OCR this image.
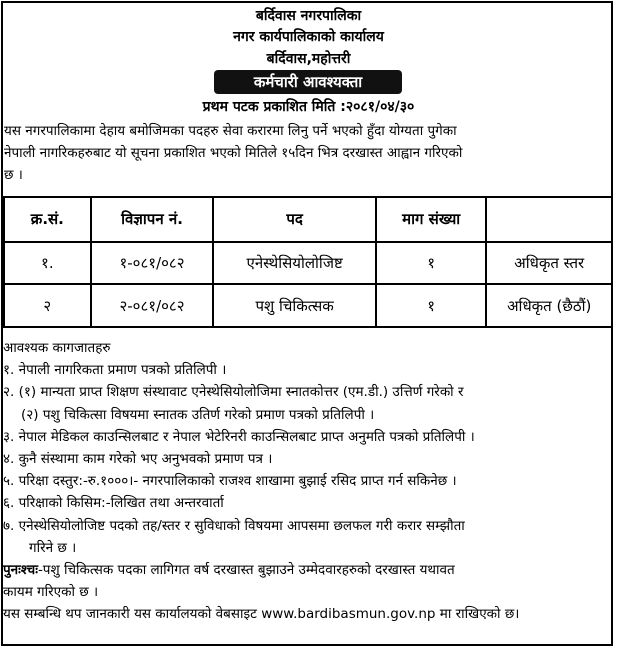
बर्दिवास नगरपालिका
नगर कार्यपालिकाको कार्यालय
बर्दिवास,महोत्तरी
कर्मचारी आवश्यक्ता
प्रथम पटक प्रकाशित मिति :२०८१/०४/३०
यस नगरपालिकामा देहाय बमोजिमका पदहरु सेवा करारमा लिनु पर्ने भएको हुँदा योग्यता पुगेका
नेपाली नागरिकहरुबाट यो सूचना प्रकाशित भएको मितिले १५दिन भित्र दरखास्त आह्वान गरिएको
छ ।
क्र.सं.	विज्ञापन नं.	पद	माग संख्या	
१.	१-०८१/०८२	एनेस्थेसियोलोजिष्ट	१	अधिकृत स्तर
२	२-०८१/०८२	पशु चिकित्सक	१	अधिकृत (छैठौं)
आवश्यक कागजातहरु
१. नेपाली नागरिकता प्रमाण पत्रको प्रतिलिपी ।
२. (१) मान्यता प्राप्त शिक्षण संस्थावाट एनेस्थेसियोलोजिमा स्नातकोत्तर (एम.डी.) उत्तिर्ण गरेको र
(२) पशु चिकित्सा विषयमा स्नातक उतिर्ण गरेको प्रमाण पत्रको प्रतिलिपी ।
३. नेपाल मेडिकल काउन्सिलबाट र नेपाल भेटेरिनरी काउन्सिलबाट प्राप्त अनुमति पत्रको प्रतिलिपी ।
४. कुनै संस्थामा काम गरेको भए अनुभवको प्रमाण पत्र ।
५. परिक्षा दस्तुर:-रु.१०००।- नगरपालिकाको राजश्व शाखामा बुझाई रसिद प्राप्त गर्न सकिनेछ ।
६. परिक्षाको किसिम:-लिखित तथा अन्तरवार्ता
७. एनेस्थेसियोलोजिष्ट पदको तह/स्तर र सुविधाको विषयमा आपसमा छलफल गरी करार सम्झौता
गरिने छ ।
पुनःश्चः-पशु चिकित्सक पदका लागिगत वर्ष दरखास्त बुझाउने उम्मेदवारहरुको दरखास्त यथावत
कायम गरिएको छ ।
यस सम्बन्धि थप जानकारी यस कार्यालयको वेबसाइट www.bardibasmun.gov.np मा राखिएको छ।
